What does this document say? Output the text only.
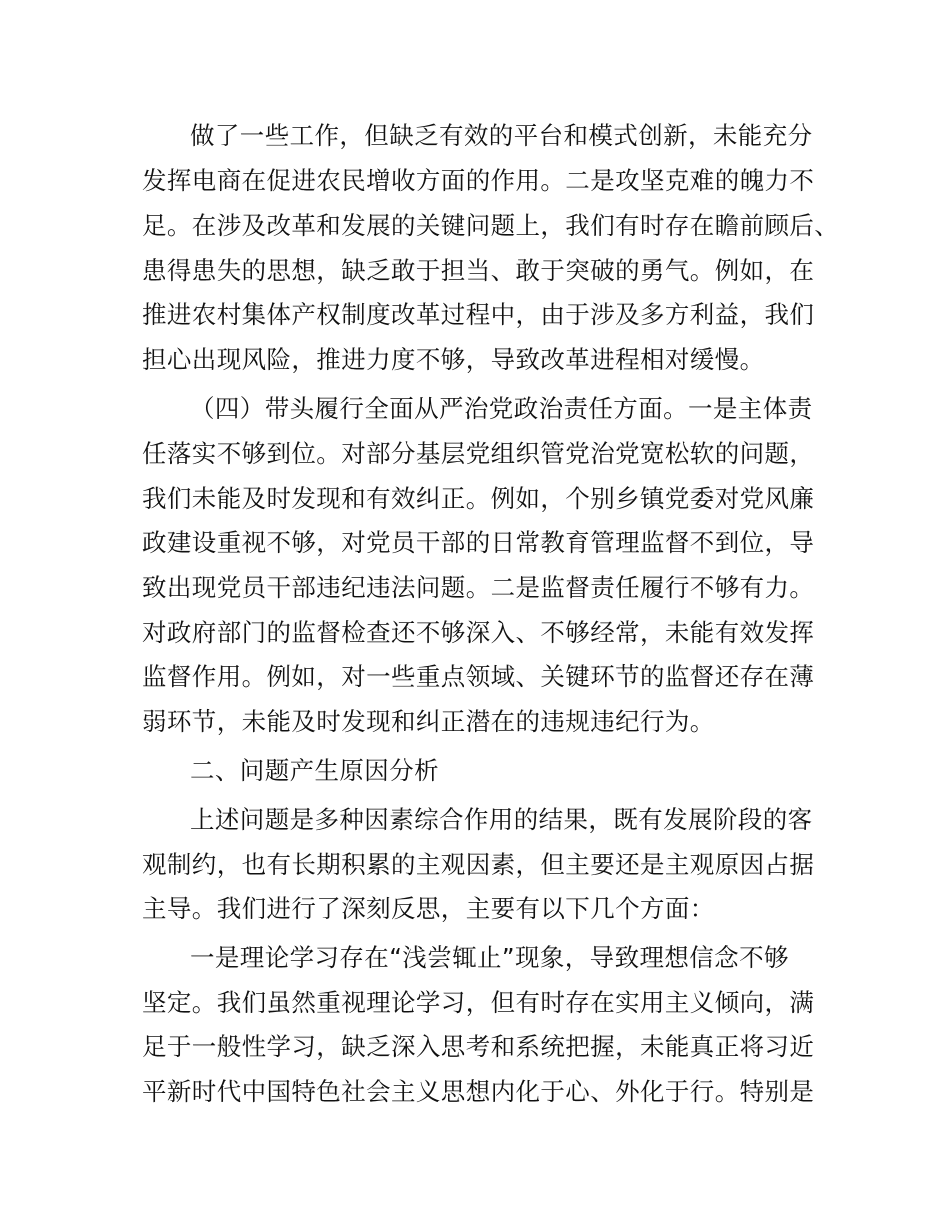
做了一些工作，但缺乏有效的平台和模式创新，未能充分
发挥电商在促进农民增收方面的作用。二是攻坚克难的魄力不
足。在涉及改革和发展的关键问题上，我们有时存在瞻前顾后、
患得患失的思想，缺乏敢于担当、敢于突破的勇气。例如，在
推进农村集体产权制度改革过程中，由于涉及多方利益，我们
担心出现风险，推进力度不够，导致改革进程相对缓慢。
（四）带头履行全面从严治党政治责任方面。一是主体责
任落实不够到位。对部分基层党组织管党治党宽松软的问题，
我们未能及时发现和有效纠正。例如，个别乡镇党委对党风廉
政建设重视不够，对党员干部的日常教育管理监督不到位，导
致出现党员干部违纪违法问题。二是监督责任履行不够有力。
对政府部门的监督检查还不够深入、不够经常，未能有效发挥
监督作用。例如，对一些重点领域、关键环节的监督还存在薄
弱环节，未能及时发现和纠正潜在的违规违纪行为。
二、问题产生原因分析
上述问题是多种因素综合作用的结果，既有发展阶段的客
观制约，也有长期积累的主观因素，但主要还是主观原因占据
主导。我们进行了深刻反思，主要有以下几个方面：
一是理论学习存在“浅尝辄止”现象，导致理想信念不够
坚定。我们虽然重视理论学习，但有时存在实用主义倾向，满
足于一般性学习，缺乏深入思考和系统把握，未能真正将习近
平新时代中国特色社会主义思想内化于心、外化于行。特别是
